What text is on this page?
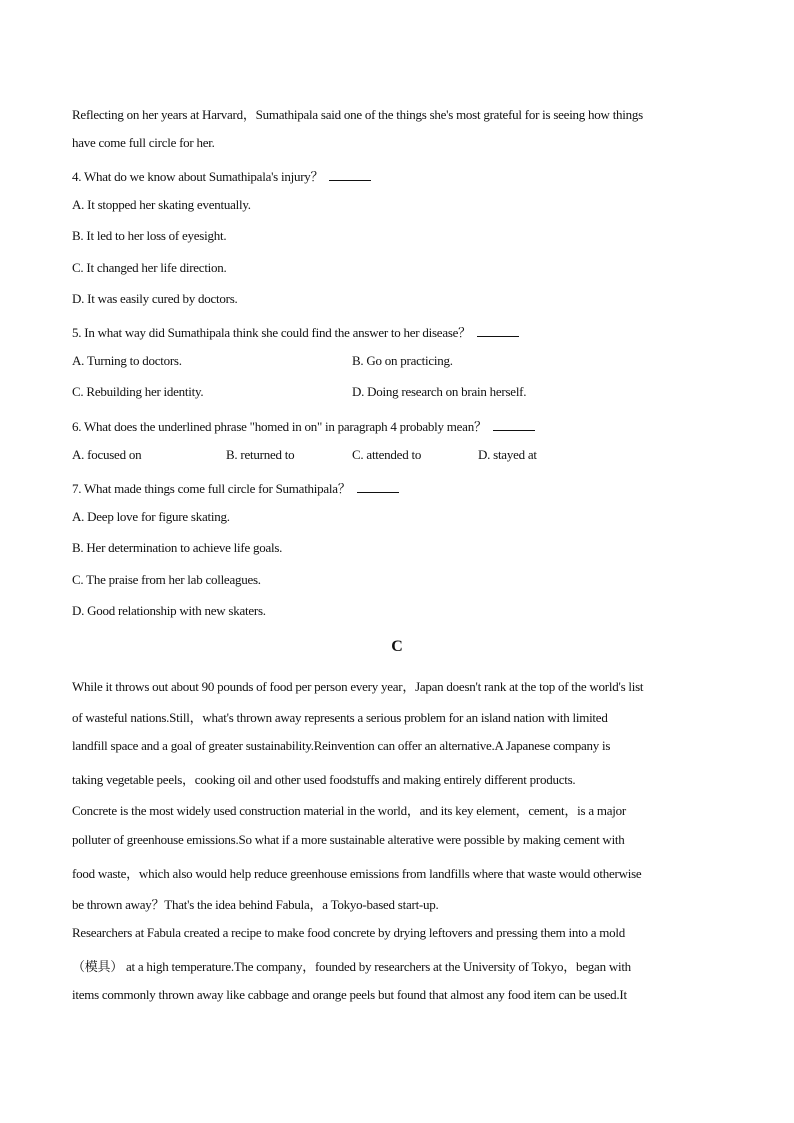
Reflecting on her years at Harvard，Sumathipala said one of the things she's most grateful for is seeing how things
have come full circle for her.
4. What do we know about Sumathipala's injury？
A. It stopped her skating eventually.
B. It led to her loss of eyesight.
C. It changed her life direction.
D. It was easily cured by doctors.
5. In what way did Sumathipala think she could find the answer to her disease？
A. Turning to doctors.	B. Go on practicing.
C. Rebuilding her identity.	D. Doing research on brain herself.
6. What does the underlined phrase "homed in on" in paragraph 4 probably mean？
A. focused on	B. returned to	C. attended to	D. stayed at
7. What made things come full circle for Sumathipala？
A. Deep love for figure skating.
B. Her determination to achieve life goals.
C. The praise from her lab colleagues.
D. Good relationship with new skaters.
C
While it throws out about 90 pounds of food per person every year，Japan doesn't rank at the top of the world's list
of wasteful nations.Still，what's thrown away represents a serious problem for an island nation with limited
landfill space and a goal of greater sustainability.Reinvention can offer an alternative.A Japanese company is
taking vegetable peels，cooking oil and other used foodstuffs and making entirely different products.
Concrete is the most widely used construction material in the world，and its key element，cement，is a major
polluter of greenhouse emissions.So what if a more sustainable alterative were possible by making cement with
food waste，which also would help reduce greenhouse emissions from landfills where that waste would otherwise
be thrown away？That's the idea behind Fabula，a Tokyo-based start-up.
Researchers at Fabula created a recipe to make food concrete by drying leftovers and pressing them into a mold
（模具） at a high temperature.The company，founded by researchers at the University of Tokyo，began with
items commonly thrown away like cabbage and orange peels but found that almost any food item can be used.It
